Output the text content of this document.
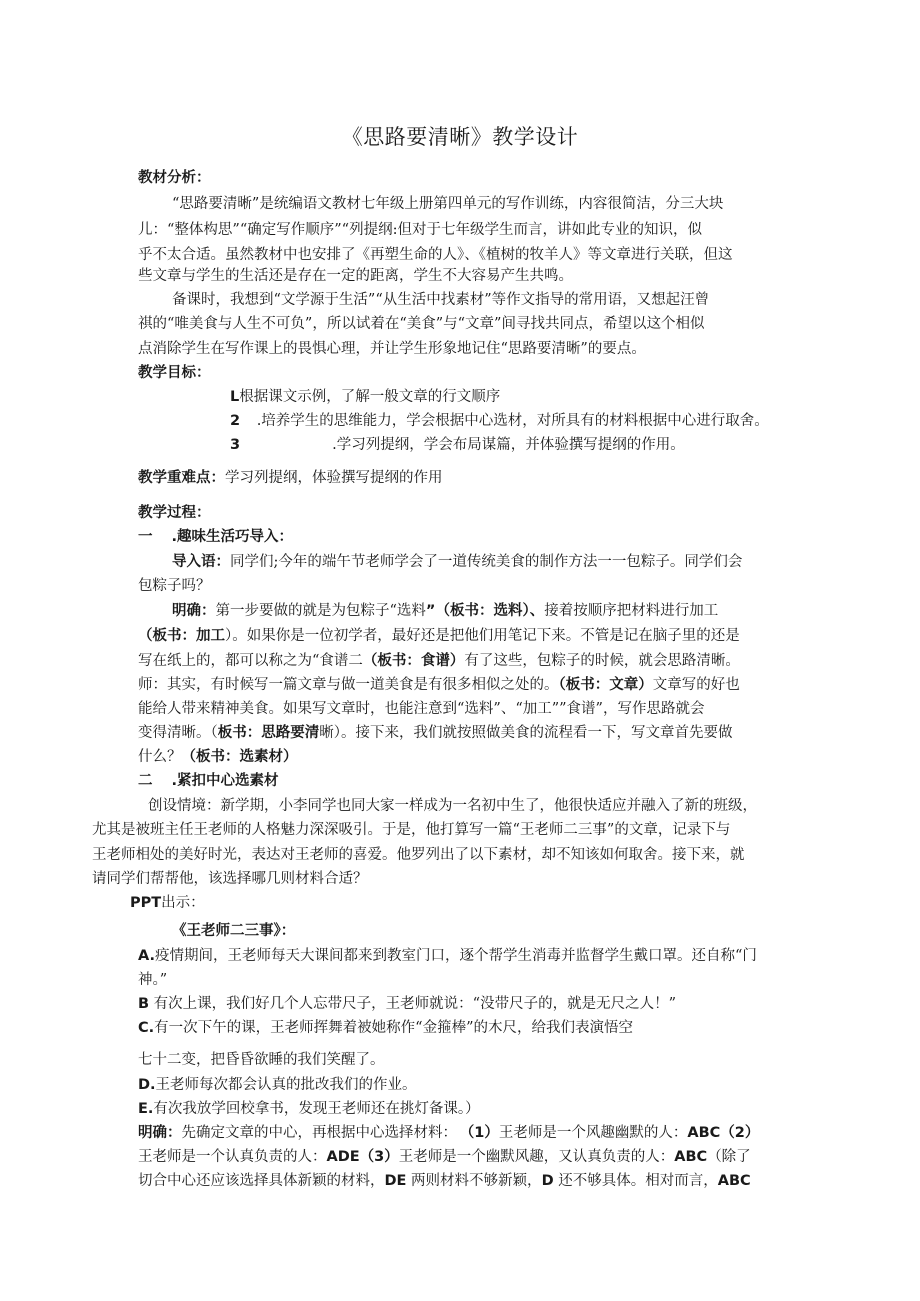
《思路要清晰》教学设计
教材分析：
“思路要清晰”是统编语文教材七年级上册第四单元的写作训练，内容很简洁，分三大块
儿：“整体构思”“确定写作顺序”“列提纲:但对于七年级学生而言，讲如此专业的知识，似
乎不太合适。虽然教材中也安排了《再塑生命的人》、《植树的牧羊人》等文章进行关联，但这
些文章与学生的生活还是存在一定的距离，学生不大容易产生共鸣。
备课时，我想到“文学源于生活”“从生活中找素材”等作文指导的常用语，又想起汪曾
祺的“唯美食与人生不可负”，所以试着在“美食”与“文章”间寻找共同点，希望以这个相似
点消除学生在写作课上的畏惧心理，并让学生形象地记住“思路要清晰”的要点。
教学目标：
L根据课文示例，了解一般文章的行文顺序
2 .培养学生的思维能力，学会根据中心选材，对所具有的材料根据中心进行取舍。
3	.学习列提纲，学会布局谋篇，并体验撰写提纲的作用。
教学重难点：学习列提纲，体验撰写提纲的作用
教学过程：
一 .趣味生活巧导入：
导入语：同学们;今年的端午节老师学会了一道传统美食的制作方法一一包粽子。同学们会
包粽子吗？
明确：第一步要做的就是为包粽子“选料”（板书：选料）、接着按顺序把材料进行加工
（板书：加工）。如果你是一位初学者，最好还是把他们用笔记下来。不管是记在脑子里的还是
写在纸上的，都可以称之为“食谱二（板书：食谱）有了这些，包粽子的时候，就会思路清晰。
师：其实，有时候写一篇文章与做一道美食是有很多相似之处的。（板书：文章）文章写的好也
能给人带来精神美食。如果写文章时，也能注意到“选料”、“加工””食谱”，写作思路就会
变得清晰。（板书：思路要清晰）。接下来，我们就按照做美食的流程看一下，写文章首先要做
什么？（板书：选素材）
二 .紧扣中心选素材
创设情境：新学期，小李同学也同大家一样成为一名初中生了，他很快适应并融入了新的班级，
尤其是被班主任王老师的人格魅力深深吸引。于是，他打算写一篇“王老师二三事”的文章，记录下与
王老师相处的美好时光，表达对王老师的喜爱。他罗列出了以下素材，却不知该如何取舍。接下来，就
请同学们帮帮他，该选择哪几则材料合适？
PPT出示：
《王老师二三事》：
A.疫情期间，王老师每天大课间都来到教室门口，逐个帮学生消毒并监督学生戴口罩。还自称“门
神。”
B 有次上课，我们好几个人忘带尺子，王老师就说：“没带尺子的，就是无尺之人！”
C.有一次下午的课，王老师挥舞着被她称作“金箍棒”的木尺，给我们表演悟空
七十二变，把昏昏欲睡的我们笑醒了。
D.王老师每次都会认真的批改我们的作业。
E.有次我放学回校拿书，发现王老师还在挑灯备课。）
明确：先确定文章的中心，再根据中心选择材料： （1）王老师是一个风趣幽默的人：ABC（2）
王老师是一个认真负责的人：ADE（3）王老师是一个幽默风趣，又认真负责的人：ABC（除了
切合中心还应该选择具体新颖的材料，DE 两则材料不够新颖，D 还不够具体。相对而言，ABC
